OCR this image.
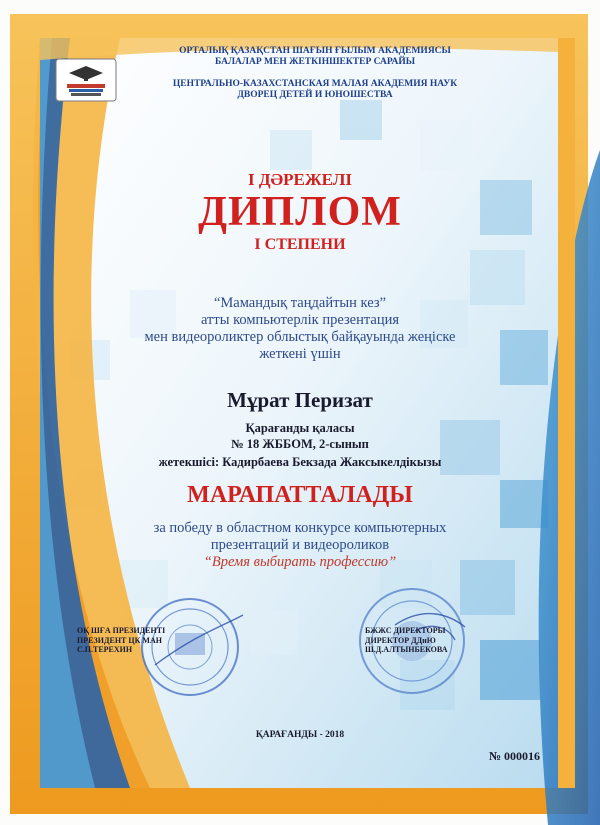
ОРТАЛЫҚ ҚАЗАҚСТАН ШАҒЫН ҒЫЛЫМ АКАДЕМИЯСЫ
БАЛАЛАР МЕН ЖЕТКІНШЕКТЕР САРАЙЫ
ЦЕНТРАЛЬНО-КАЗАХСТАНСКАЯ МАЛАЯ АКАДЕМИЯ НАУК
ДВОРЕЦ ДЕТЕЙ И ЮНОШЕСТВА
І ДӘРЕЖЕЛІ
ДИПЛОМ
І СТЕПЕНИ
“Мамандық таңдайтын кез”
атты компьютерлік презентация
мен видеороликтер облыстық байқауында жеңіске
жеткені үшін
Мұрат Перизат
Қарағанды қаласы
№ 18 ЖББОМ, 2-сынып
жетекшісі: Кадирбаева Бекзада Жаксыкелдікызы
МАРАПАТТАЛАДЫ
за победу в областном конкурсе компьютерных
презентаций и видеороликов
“Время выбирать профессию”
ОҚ ШҒА ПРЕЗИДЕНТІ
ПРЕЗИДЕНТ ЦК МАН
С.П.ТЕРЕХИН
БЖЖС ДИРЕКТОРЫ
ДИРЕКТОР ДДиЮ
Ш.Д.АЛТЫНБЕКОВА
ҚАРАҒАНДЫ - 2018
№ 000016
